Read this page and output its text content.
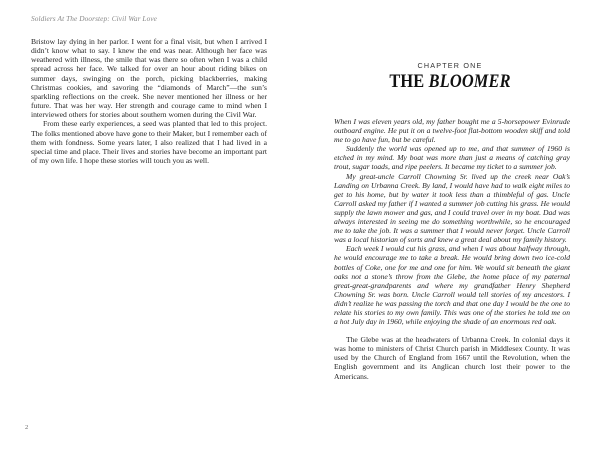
Soldiers At The Doorstep: Civil War Love

Bristow lay dying in her parlor. I went for a final visit, but when I arrived I didn’t know what to say. I knew the end was near. Although her face was weathered with illness, the smile that was there so often when I was a child spread across her face. We talked for over an hour about riding bikes on summer days, swinging on the porch, picking blackberries, making Christmas cookies, and savoring the “diamonds of March”—the sun’s sparkling reflections on the creek. She never mentioned her illness or her future. That was her way. Her strength and courage came to mind when I interviewed others for stories about southern women during the Civil War.

From these early experiences, a seed was planted that led to this project. The folks mentioned above have gone to their Maker, but I remember each of them with fondness. Some years later, I also realized that I had lived in a special time and place. Their lives and stories have become an important part of my own life. I hope these stories will touch you as well.

2
CHAPTER ONE
THE BLOOMER

When I was eleven years old, my father bought me a 5-horsepower Evinrude outboard engine. He put it on a twelve-foot flat-bottom wooden skiff and told me to go have fun, but be careful.

Suddenly the world was opened up to me, and that summer of 1960 is etched in my mind. My boat was more than just a means of catching gray trout, sugar toads, and ripe peelers. It became my ticket to a summer job.

My great-uncle Carroll Chowning Sr. lived up the creek near Oak’s Landing on Urbanna Creek. By land, I would have had to walk eight miles to get to his home, but by water it took less than a thimbleful of gas. Uncle Carroll asked my father if I wanted a summer job cutting his grass. He would supply the lawn mower and gas, and I could travel over in my boat. Dad was always interested in seeing me do something worthwhile, so he encouraged me to take the job. It was a summer that I would never forget. Uncle Carroll was a local historian of sorts and knew a great deal about my family history.

Each week I would cut his grass, and when I was about halfway through, he would encourage me to take a break. He would bring down two ice-cold bottles of Coke, one for me and one for him. We would sit beneath the giant oaks not a stone’s throw from the Glebe, the home place of my paternal great-great-grandparents and where my grandfather Henry Shepherd Chowning Sr. was born. Uncle Carroll would tell stories of my ancestors. I didn’t realize he was passing the torch and that one day I would be the one to relate his stories to my own family. This was one of the stories he told me on a hot July day in 1960, while enjoying the shade of an enormous red oak.

The Glebe was at the headwaters of Urbanna Creek. In colonial days it was home to ministers of Christ Church parish in Middlesex County. It was used by the Church of England from 1667 until the Revolution, when the English government and its Anglican church lost their power to the Americans.
